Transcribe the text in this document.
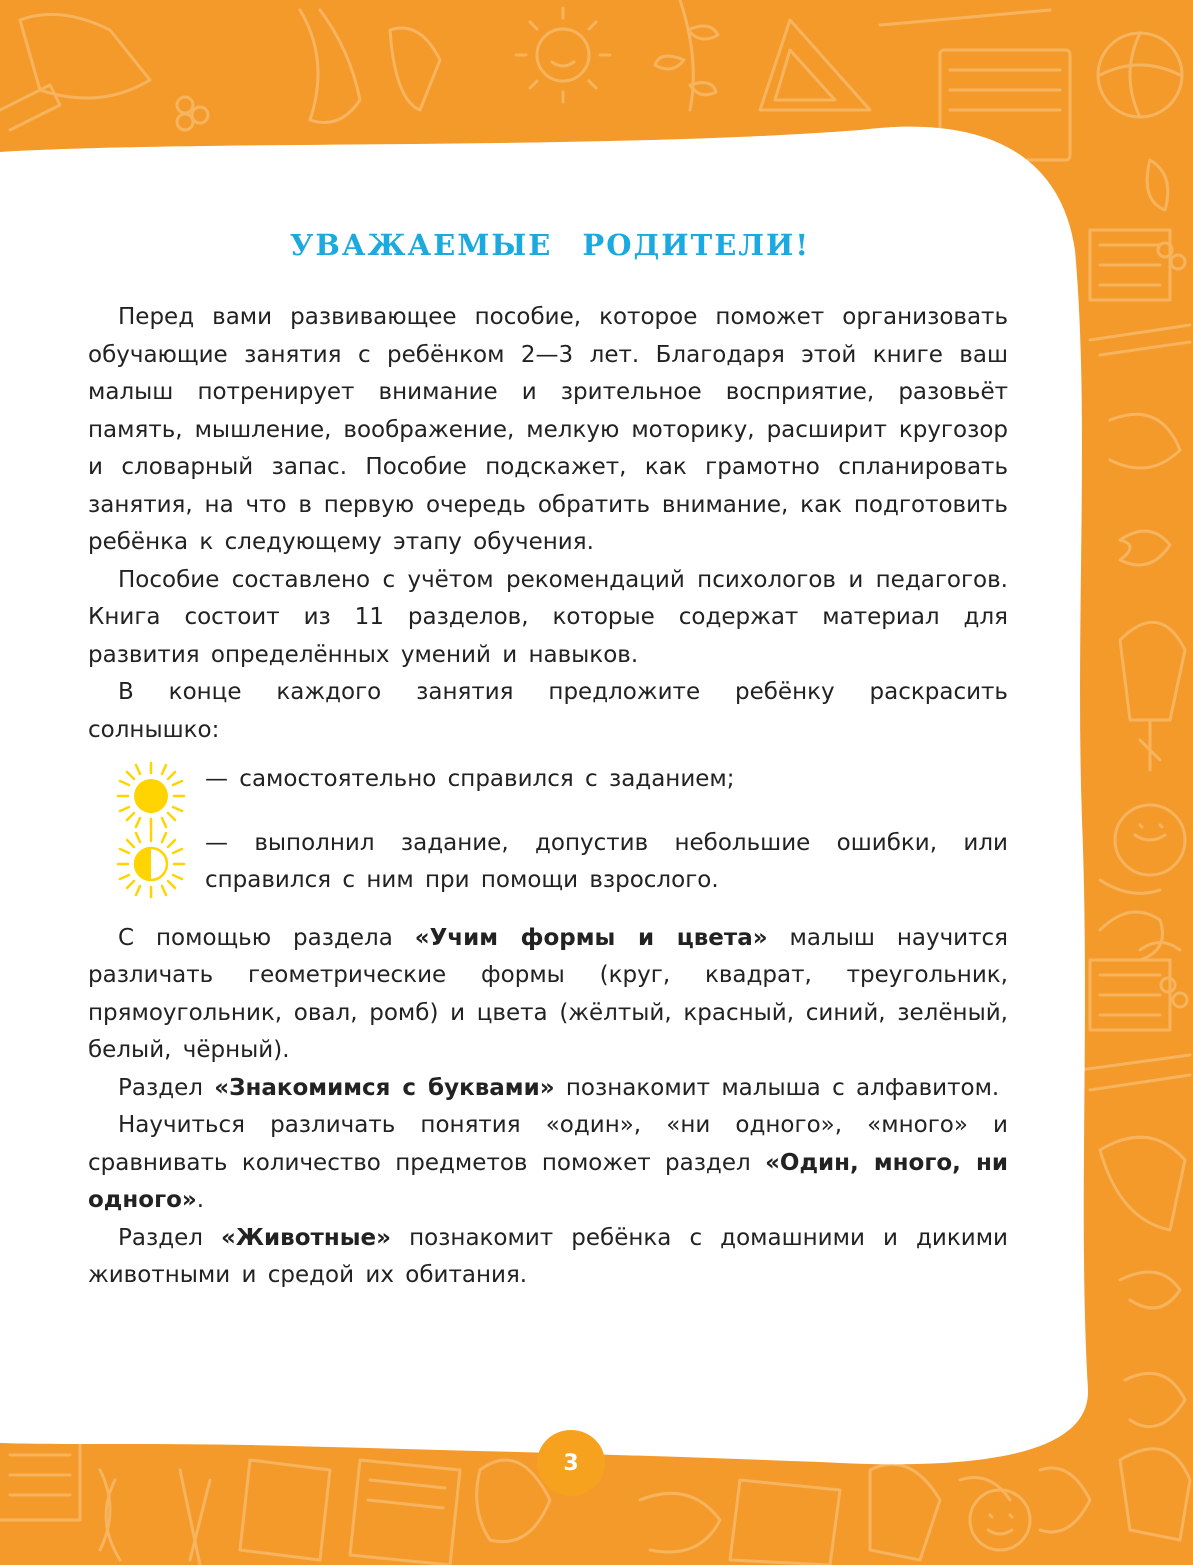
УВАЖАЕМЫЕ РОДИТЕЛИ!

Перед вами развивающее пособие, которое поможет организовать обучающие занятия с ребёнком 2—3 лет. Благодаря этой книге ваш малыш потренирует внимание и зрительное восприятие, разовьёт память, мышление, воображение, мелкую моторику, расширит кругозор и словарный запас. Пособие подскажет, как грамотно спланировать занятия, на что в первую очередь обратить внимание, как подготовить ребёнка к следующему этапу обучения.

Пособие составлено с учётом рекомендаций психологов и педагогов. Книга состоит из 11 разделов, которые содержат материал для развития определённых умений и навыков.

В конце каждого занятия предложите ребёнку раскрасить солнышко:

— самостоятельно справился с заданием;
— выполнил задание, допустив небольшие ошибки, или справился с ним при помощи взрослого.

С помощью раздела «Учим формы и цвета» малыш научится различать геометрические формы (круг, квадрат, треугольник, прямоугольник, овал, ромб) и цвета (жёлтый, красный, синий, зелёный, белый, чёрный).

Раздел «Знакомимся с буквами» познакомит малыша с алфавитом.

Научиться различать понятия «один», «ни одного», «много» и сравнивать количество предметов поможет раздел «Один, много, ни одного».

Раздел «Животные» познакомит ребёнка с домашними и дикими животными и средой их обитания.

3
